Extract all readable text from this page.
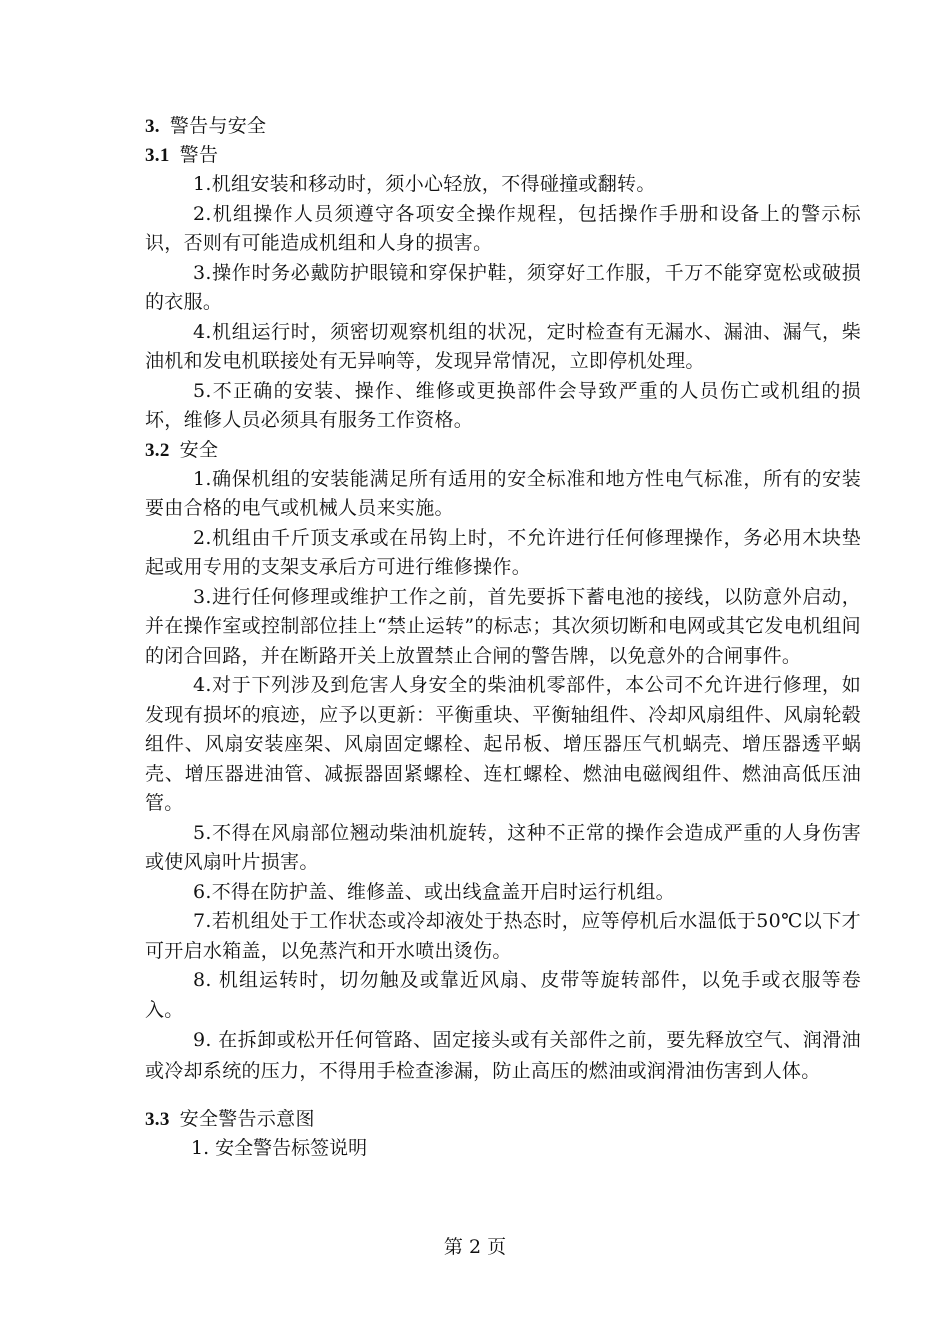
3. 警告与安全
3.1 警告
1.机组安装和移动时，须小心轻放，不得碰撞或翻转。
2.机组操作人员须遵守各项安全操作规程，包括操作手册和设备上的警示标识，否则有可能造成机组和人身的损害。
3.操作时务必戴防护眼镜和穿保护鞋，须穿好工作服，千万不能穿宽松或破损的衣服。
4.机组运行时，须密切观察机组的状况，定时检查有无漏水、漏油、漏气，柴油机和发电机联接处有无异响等，发现异常情况，立即停机处理。
5.不正确的安装、操作、维修或更换部件会导致严重的人员伤亡或机组的损坏，维修人员必须具有服务工作资格。
3.2 安全
1.确保机组的安装能满足所有适用的安全标准和地方性电气标准，所有的安装要由合格的电气或机械人员来实施。
2.机组由千斤顶支承或在吊钩上时，不允许进行任何修理操作，务必用木块垫起或用专用的支架支承后方可进行维修操作。
3.进行任何修理或维护工作之前，首先要拆下蓄电池的接线，以防意外启动，并在操作室或控制部位挂上“禁止运转”的标志；其次须切断和电网或其它发电机组间的闭合回路，并在断路开关上放置禁止合闸的警告牌，以免意外的合闸事件。
4.对于下列涉及到危害人身安全的柴油机零部件，本公司不允许进行修理，如发现有损坏的痕迹，应予以更新：平衡重块、平衡轴组件、冷却风扇组件、风扇轮毂组件、风扇安装座架、风扇固定螺栓、起吊板、增压器压气机蜗壳、增压器透平蜗壳、增压器进油管、减振器固紧螺栓、连杠螺栓、燃油电磁阀组件、燃油高低压油管。
5.不得在风扇部位翘动柴油机旋转，这种不正常的操作会造成严重的人身伤害或使风扇叶片损害。
6.不得在防护盖、维修盖、或出线盒盖开启时运行机组。
7.若机组处于工作状态或冷却液处于热态时，应等停机后水温低于50℃以下才可开启水箱盖，以免蒸汽和开水喷出烫伤。
8. 机组运转时，切勿触及或靠近风扇、皮带等旋转部件，以免手或衣服等卷入。
9. 在拆卸或松开任何管路、固定接头或有关部件之前，要先释放空气、润滑油或冷却系统的压力，不得用手检查渗漏，防止高压的燃油或润滑油伤害到人体。
3.3 安全警告示意图
1. 安全警告标签说明
第 2 页
